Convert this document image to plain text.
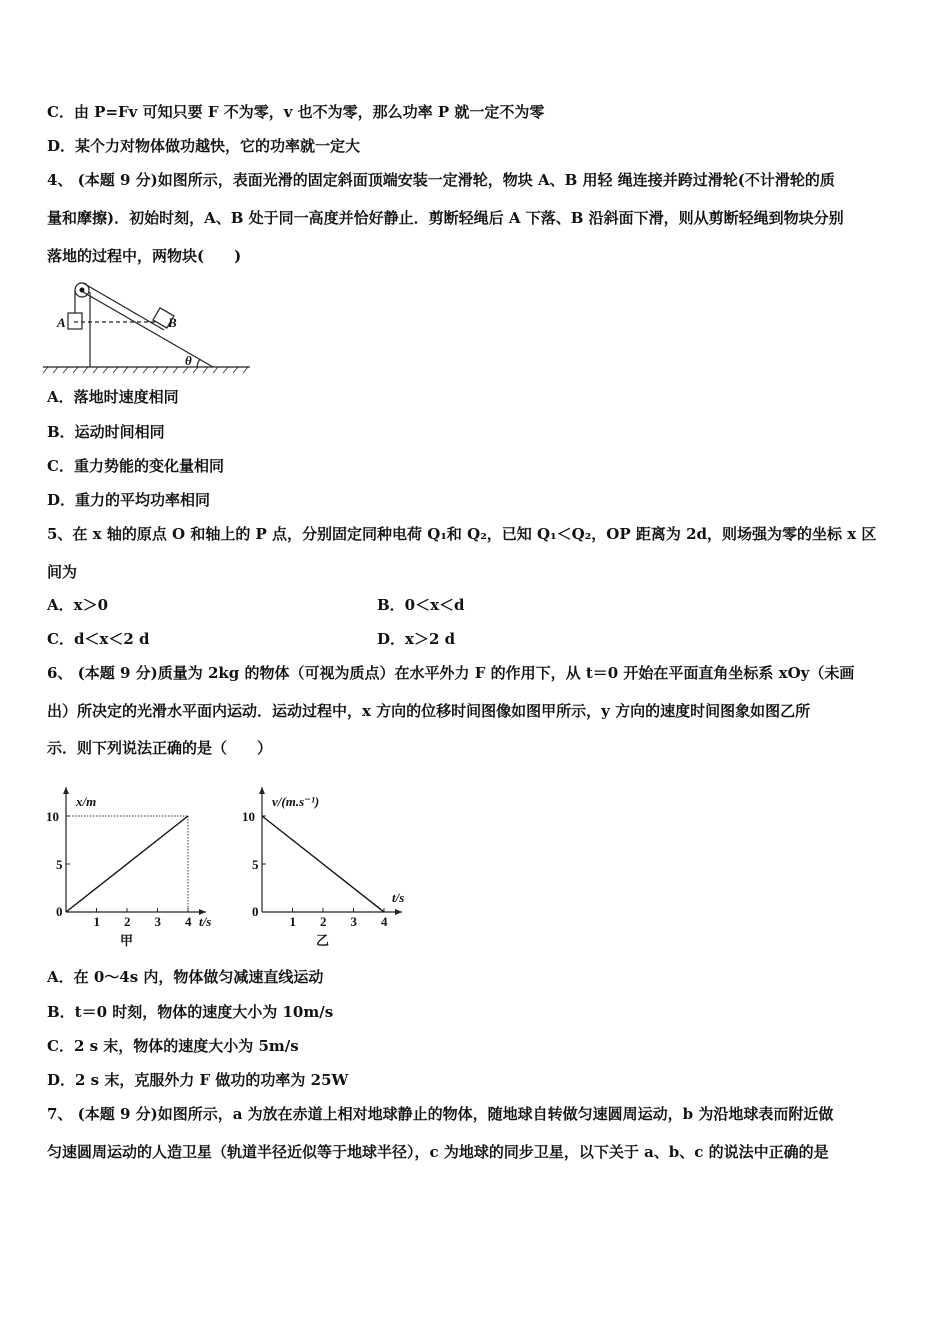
C．由 P=Fv 可知只要 F 不为零，v 也不为零，那么功率 P 就一定不为零
D．某个力对物体做功越快，它的功率就一定大
4、 (本题 9 分)如图所示，表面光滑的固定斜面顶端安装一定滑轮，物块 A、B 用轻 绳连接并跨过滑轮(不计滑轮的质
量和摩擦)．初始时刻，A、B 处于同一高度并恰好静止．剪断轻绳后 A 下落、B 沿斜面下滑，则从剪断轻绳到物块分别
落地的过程中，两物块(　　)
A	B
θ
A．落地时速度相同
B．运动时间相同
C．重力势能的变化量相同
D．重力的平均功率相同
5、在 x 轴的原点 O 和轴上的 P 点，分别固定同种电荷 Q₁和 Q₂，已知 Q₁＜Q₂，OP 距离为 2d，则场强为零的坐标 x 区
间为
A．x＞0	B．0＜x＜d
C．d＜x＜2 d	D．x＞2 d
6、 (本题 9 分)质量为 2kg 的物体（可视为质点）在水平外力 F 的作用下，从 t＝0 开始在平面直角坐标系 xOy（未画
出）所决定的光滑水平面内运动．运动过程中，x 方向的位移时间图像如图甲所示，y 方向的速度时间图象如图乙所
示．则下列说法正确的是（　　）
1 2 3 4
5
10
0
x/m
t/s
甲
1 2 3 4
5
10
0
v/(m.s⁻¹)
t/s
乙
A．在 0～4s 内，物体做匀减速直线运动
B．t＝0 时刻，物体的速度大小为 10m/s
C．2 s 末，物体的速度大小为 5m/s
D．2 s 末，克服外力 F 做功的功率为 25W
7、 (本题 9 分)如图所示，a 为放在赤道上相对地球静止的物体，随地球自转做匀速圆周运动，b 为沿地球表而附近做
匀速圆周运动的人造卫星（轨道半径近似等于地球半径），c 为地球的同步卫星，以下关于 a、b、c 的说法中正确的是
